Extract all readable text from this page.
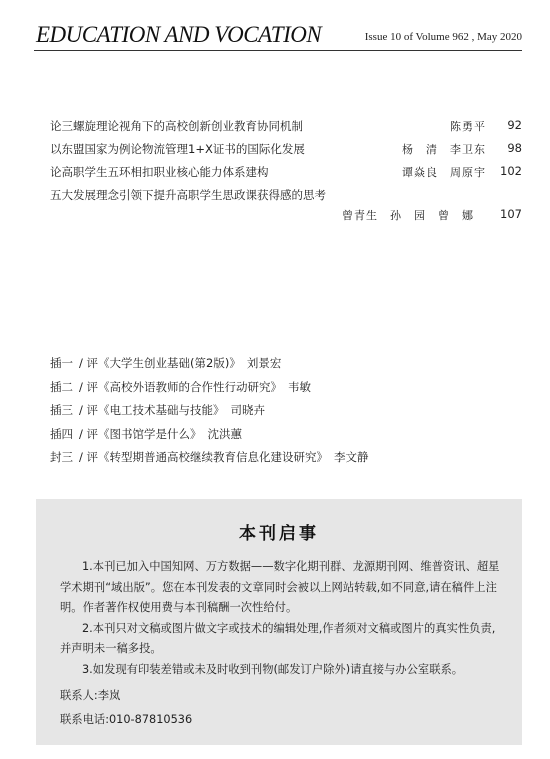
EDUCATION AND VOCATION	Issue 10 of Volume 962 , May 2020
论三螺旋理论视角下的高校创新创业教育协同机制	陈勇平	92
以东盟国家为例论物流管理1+X证书的国际化发展	杨　清　李卫东	98
论高职学生五环相扣职业核心能力体系建构	谭焱良　周原宇 102
五大发展理念引领下提升高职学生思政课获得感的思考
曾青生　孙　园　曾　娜 107
插一 / 评《大学生创业基础(第2版)》 刘景宏
插二 / 评《高校外语教师的合作性行动研究》 韦敏
插三 / 评《电工技术基础与技能》 司晓卉
插四 / 评《图书馆学是什么》 沈洪蕙
封三 / 评《转型期普通高校继续教育信息化建设研究》 李文静
本刊启事

1.本刊已加入中国知网、万方数据——数字化期刊群、龙源期刊网、维普资讯、超星学术期刊“域出版”。您在本刊发表的文章同时会被以上网站转载,如不同意,请在稿件上注明。作者著作权使用费与本刊稿酬一次性给付。

2.本刊只对文稿或图片做文字或技术的编辑处理,作者须对文稿或图片的真实性负责,并声明未一稿多投。

3.如发现有印装差错或未及时收到刊物(邮发订户除外)请直接与办公室联系。

联系人:李岚
联系电话:010-87810536
